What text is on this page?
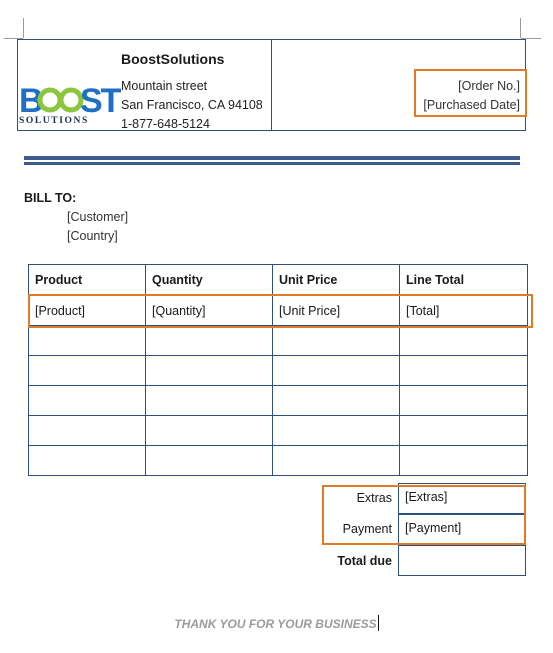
B ST
SOLUTIONS
BoostSolutions
Mountain street
San Francisco, CA 94108
1-877-648-5124
[Order No.]
[Purchased Date]
BILL TO:
[Customer]
[Country]
Product	Quantity	Unit Price	Line Total
[Product]	[Quantity]	[Unit Price]	[Total]

Extras	[Extras]
Payment	[Payment]
Total due
THANK YOU FOR YOUR BUSINESS
